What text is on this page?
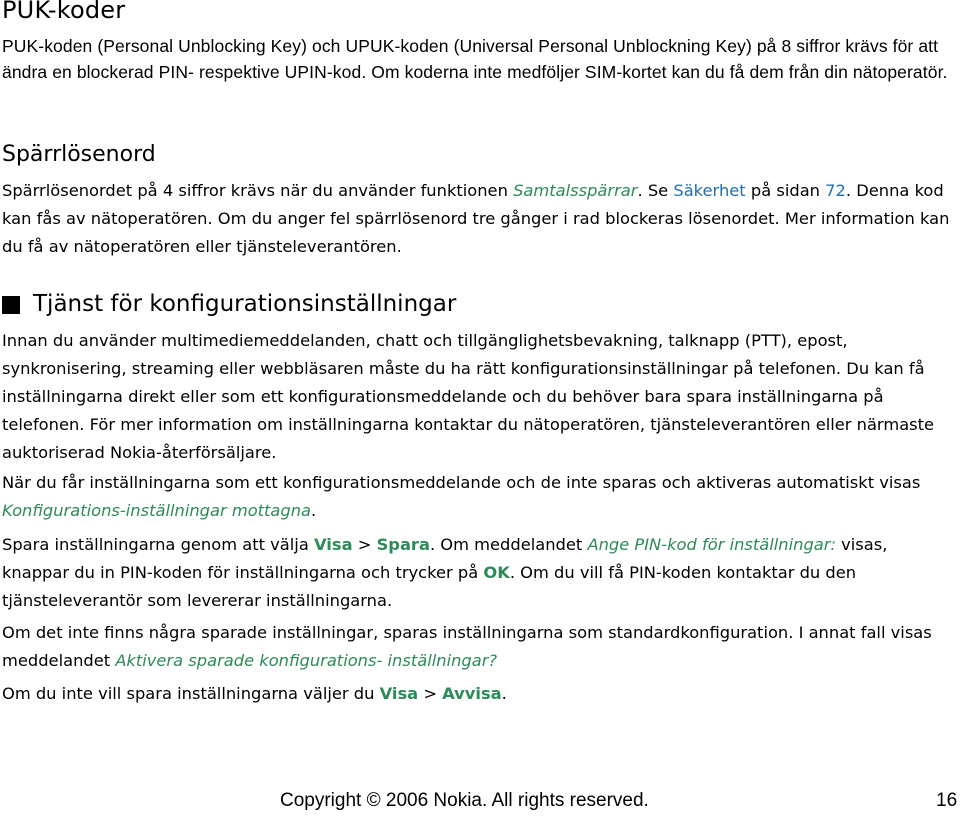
PUK-koder

PUK-koden (Personal Unblocking Key) och UPUK-koden (Universal Personal Unblockning Key) på 8 siffror krävs för att ändra en blockerad PIN- respektive UPIN-kod. Om koderna inte medföljer SIM-kortet kan du få dem från din nätoperatör.

Spärrlösenord

Spärrlösenordet på 4 siffror krävs när du använder funktionen Samtalsspärrar. Se Säkerhet på sidan 72. Denna kod kan fås av nätoperatören. Om du anger fel spärrlösenord tre gånger i rad blockeras lösenordet. Mer information kan du få av nätoperatören eller tjänsteleverantören.

Tjänst för konfigurationsinställningar

Innan du använder multimediemeddelanden, chatt och tillgänglighetsbevakning, talknapp (PTT), epost, synkronisering, streaming eller webbläsaren måste du ha rätt konfigurationsinställningar på telefonen. Du kan få inställningarna direkt eller som ett konfigurationsmeddelande och du behöver bara spara inställningarna på telefonen. För mer information om inställningarna kontaktar du nätoperatören, tjänsteleverantören eller närmaste auktoriserad Nokia-återförsäljare.

När du får inställningarna som ett konfigurationsmeddelande och de inte sparas och aktiveras automatiskt visas Konfigurations-inställningar mottagna.

Spara inställningarna genom att välja Visa > Spara. Om meddelandet Ange PIN-kod för inställningar: visas, knappar du in PIN-koden för inställningarna och trycker på OK. Om du vill få PIN-koden kontaktar du den tjänsteleverantör som levererar inställningarna.

Om det inte finns några sparade inställningar, sparas inställningarna som standardkonfiguration. I annat fall visas meddelandet Aktivera sparade konfigurations- inställningar?

Om du inte vill spara inställningarna väljer du Visa > Avvisa.

Copyright © 2006 Nokia. All rights reserved.	16
